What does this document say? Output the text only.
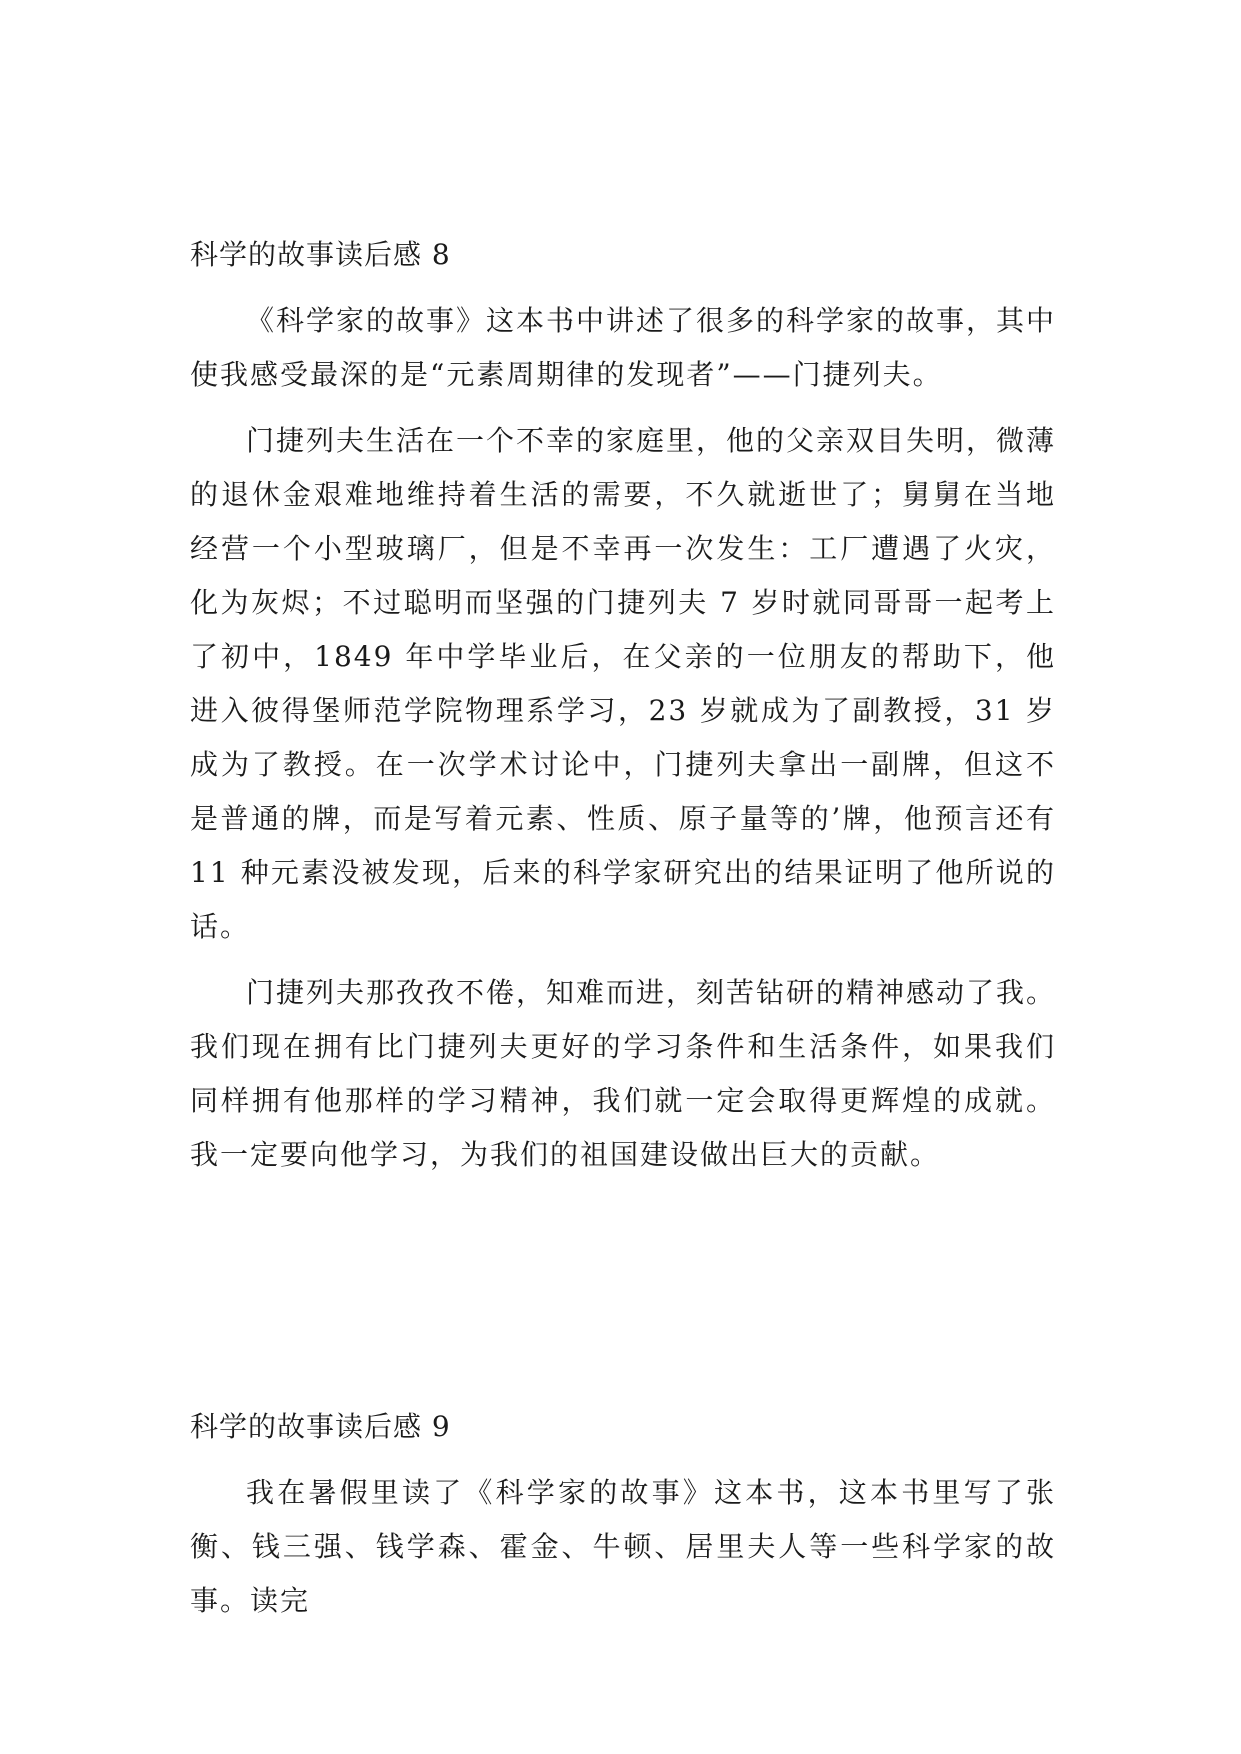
科学的故事读后感 8

《科学家的故事》这本书中讲述了很多的科学家的故事，其中使我感受最深的是“元素周期律的发现者”——门捷列夫。

门捷列夫生活在一个不幸的家庭里，他的父亲双目失明，微薄的退休金艰难地维持着生活的需要，不久就逝世了；舅舅在当地经营一个小型玻璃厂，但是不幸再一次发生：工厂遭遇了火灾，化为灰烬；不过聪明而坚强的门捷列夫 7 岁时就同哥哥一起考上了初中，1849 年中学毕业后，在父亲的一位朋友的帮助下，他进入彼得堡师范学院物理系学习，23 岁就成为了副教授，31 岁成为了教授。在一次学术讨论中，门捷列夫拿出一副牌，但这不是普通的牌，而是写着元素、性质、原子量等的’牌，他预言还有 11 种元素没被发现，后来的科学家研究出的结果证明了他所说的话。

门捷列夫那孜孜不倦，知难而进，刻苦钻研的精神感动了我。我们现在拥有比门捷列夫更好的学习条件和生活条件，如果我们同样拥有他那样的学习精神，我们就一定会取得更辉煌的成就。我一定要向他学习，为我们的祖国建设做出巨大的贡献。

科学的故事读后感 9

我在暑假里读了《科学家的故事》这本书，这本书里写了张衡、钱三强、钱学森、霍金、牛顿、居里夫人等一些科学家的故事。读完
